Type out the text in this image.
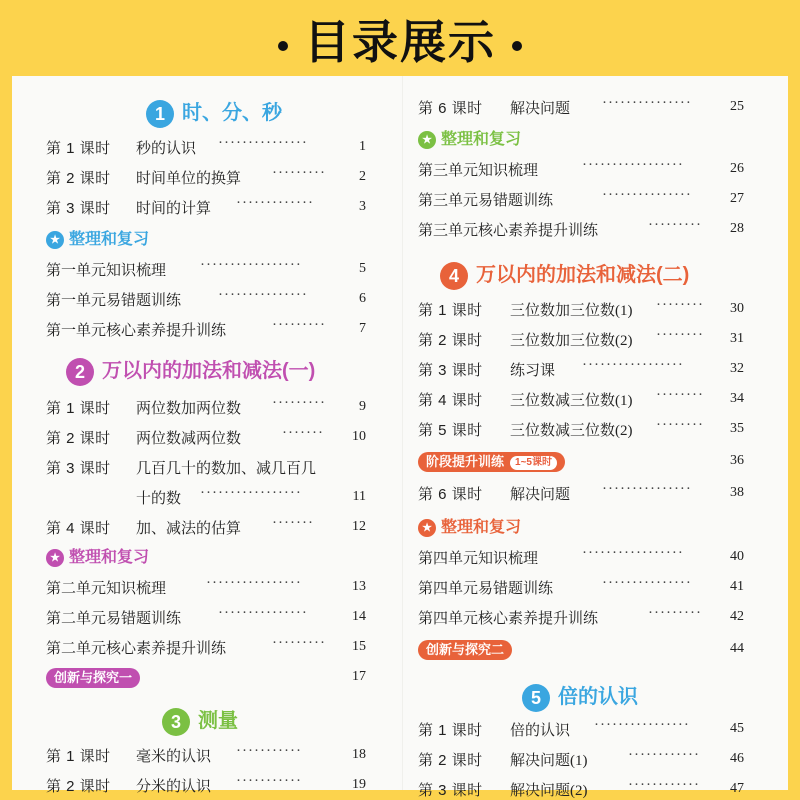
目录展示
1 时、分、秒
第 1 课时 秒的认识 ···············	1
第 2 课时 时间单位的换算 ·········	2
第 3 课时 时间的计算 ·············	3
★ 整理和复习
第一单元知识梳理 ·················	5
第一单元易错题训练 ···············	6
第一单元核心素养提升训练	·········	7
2 万以内的加法和减法(一)
第 1 课时 两位数加两位数 ·········	9
第 2 课时 两位数减两位数	·······	10
第 3 课时 几百几十的数加、减几百几
十的数 ·················	11
第 4 课时 加、减法的估算 ·······	12
★ 整理和复习
第二单元知识梳理	················	13
第二单元易错题训练 ···············	14
第二单元核心素养提升训练	·········	15
创新与探究一	17
3 测量
第 1 课时 毫米的认识 ···········	18
第 2 课时 分米的认识 ···········	19
第 6 课时 解决问题 ···············	25
★ 整理和复习
第三单元知识梳理	·················	26
第三单元易错题训练	···············	27
第三单元核心素养提升训练	·········	28
4 万以内的加法和减法(二)
第 1 课时 三位数加三位数(1) ········	30
第 2 课时 三位数加三位数(2) ········	31
第 3 课时 练习课 ·················	32
第 4 课时 三位数减三位数(1) ········	34
第 5 课时 三位数减三位数(2) ········	35
阶段提升训练 1~5课时	36
第 6 课时 解决问题 ···············	38
★ 整理和复习
第四单元知识梳理	·················	40
第四单元易错题训练	···············	41
第四单元核心素养提升训练	·········	42
创新与探究二	44
5 倍的认识
第 1 课时 倍的认识 ················	45
第 2 课时 解决问题(1)	············	46
第 3 课时 解决问题(2)	············	47
